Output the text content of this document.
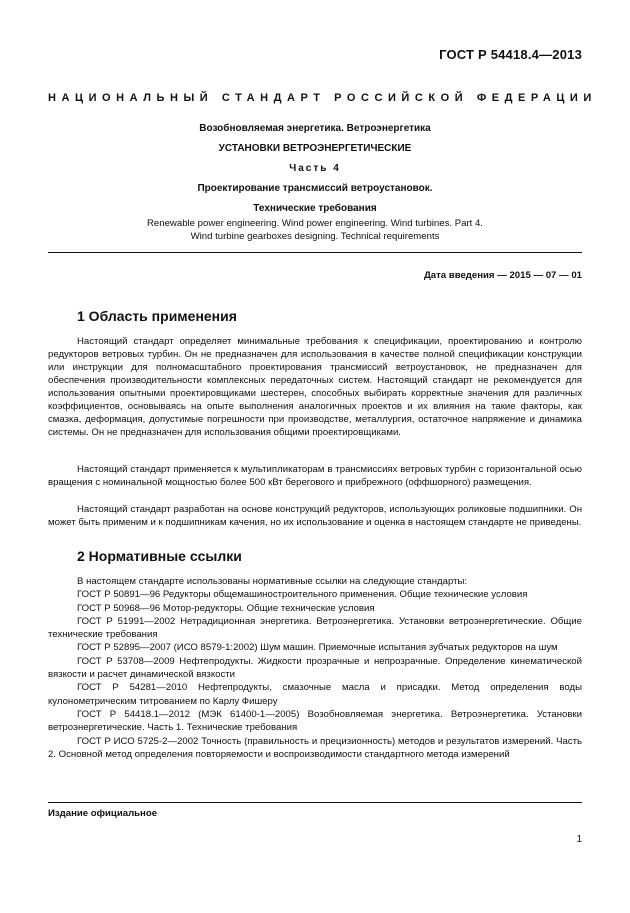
ГОСТ Р 54418.4—2013
НАЦИОНАЛЬНЫЙ СТАНДАРТ РОССИЙСКОЙ ФЕДЕРАЦИИ
Возобновляемая энергетика. Ветроэнергетика
УСТАНОВКИ ВЕТРОЭНЕРГЕТИЧЕСКИЕ
Часть 4
Проектирование трансмиссий ветроустановок.
Технические требования
Renewable power engineering. Wind power engineering. Wind turbines. Part 4.
Wind turbine gearboxes designing. Technical requirements
Дата введения — 2015 — 07 — 01
1 Область применения
Настоящий стандарт определяет минимальные требования к спецификации, проектированию и контролю редукторов ветровых турбин. Он не предназначен для использования в качестве полной спецификации конструкции или инструкции для полномасштабного проектирования трансмиссий ветроустановок, не предназначен для обеспечения производительности комплексных передаточных систем. Настоящий стандарт не рекомендуется для использования опытными проектировщиками шестерен, способных выбирать корректные значения для различных коэффициентов, основываясь на опыте выполнения аналогичных проектов и их влияния на такие факторы, как смазка, деформация, допустимые погрешности при производстве, металлургия, остаточное напряжение и динамика системы. Он не предназначен для использования общими проектировщиками.
Настоящий стандарт применяется к мультипликаторам в трансмиссиях ветровых турбин с горизонтальной осью вращения с номинальной мощностью более 500 кВт берегового и прибрежного (оффшорного) размещения.
Настоящий стандарт разработан на основе конструкций редукторов, использующих роликовые подшипники. Он может быть применим и к подшипникам качения, но их использование и оценка в настоящем стандарте не приведены.
2 Нормативные ссылки
В настоящем стандарте использованы нормативные ссылки на следующие стандарты:
ГОСТ Р 50891—96 Редукторы общемашиностроительного применения. Общие технические условия
ГОСТ Р 50968—96 Мотор-редукторы. Общие технические условия
ГОСТ Р 51991—2002 Нетрадиционная энергетика. Ветроэнергетика. Установки ветроэнергетические. Общие технические требования
ГОСТ Р 52895—2007 (ИСО 8579-1:2002) Шум машин. Приемочные испытания зубчатых редукторов на шум
ГОСТ Р 53708—2009 Нефтепродукты. Жидкости прозрачные и непрозрачные. Определение кинематической вязкости и расчет динамической вязкости
ГОСТ Р 54281—2010 Нефтепродукты, смазочные масла и присадки. Метод определения воды кулонометрическим титрованием по Карлу Фишеру
ГОСТ Р 54418.1—2012 (МЭК 61400-1—2005) Возобновляемая энергетика. Ветроэнергетика. Установки ветроэнергетические. Часть 1. Технические требования
ГОСТ Р ИСО 5725-2—2002 Точность (правильность и прецизионность) методов и результатов измерений. Часть 2. Основной метод определения повторяемости и воспроизводимости стандартного метода измерений
Издание официальное
1
